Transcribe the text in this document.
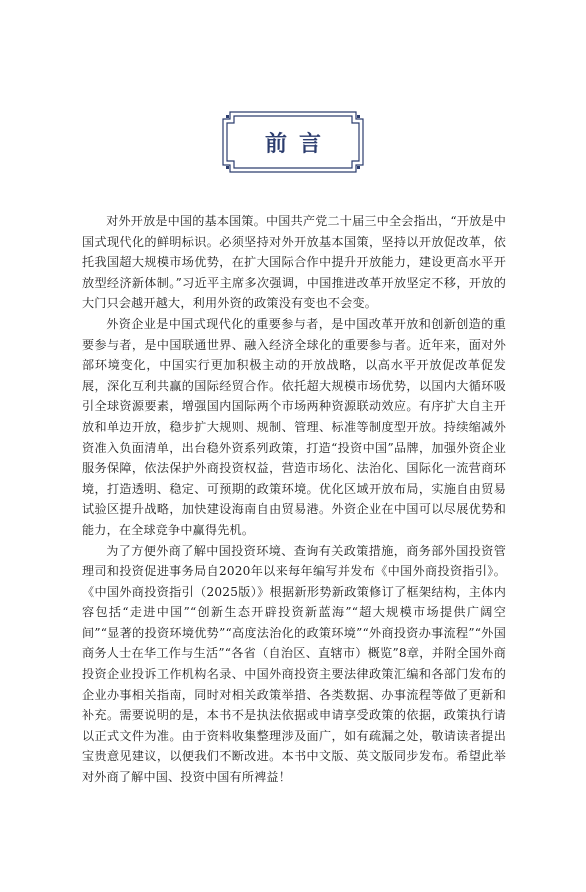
前言

对外开放是中国的基本国策。中国共产党二十届三中全会指出，“开放是中国式现代化的鲜明标识。必须坚持对外开放基本国策，坚持以开放促改革，依托我国超大规模市场优势，在扩大国际合作中提升开放能力，建设更高水平开放型经济新体制。”习近平主席多次强调，中国推进改革开放坚定不移，开放的大门只会越开越大，利用外资的政策没有变也不会变。

外资企业是中国式现代化的重要参与者，是中国改革开放和创新创造的重要参与者，是中国联通世界、融入经济全球化的重要参与者。近年来，面对外部环境变化，中国实行更加积极主动的开放战略，以高水平开放促改革促发展，深化互利共赢的国际经贸合作。依托超大规模市场优势，以国内大循环吸引全球资源要素，增强国内国际两个市场两种资源联动效应。有序扩大自主开放和单边开放，稳步扩大规则、规制、管理、标准等制度型开放。持续缩减外资准入负面清单，出台稳外资系列政策，打造“投资中国”品牌，加强外资企业服务保障，依法保护外商投资权益，营造市场化、法治化、国际化一流营商环境，打造透明、稳定、可预期的政策环境。优化区域开放布局，实施自由贸易试验区提升战略，加快建设海南自由贸易港。外资企业在中国可以尽展优势和能力，在全球竞争中赢得先机。

为了方便外商了解中国投资环境、查询有关政策措施，商务部外国投资管理司和投资促进事务局自2020年以来每年编写并发布《中国外商投资指引》。《中国外商投资指引（2025版）》根据新形势新政策修订了框架结构，主体内容包括“走进中国”“创新生态开辟投资新蓝海”“超大规模市场提供广阔空间”“显著的投资环境优势”“高度法治化的政策环境”“外商投资办事流程”“外国商务人士在华工作与生活”“各省（自治区、直辖市）概览”8章，并附全国外商投资企业投诉工作机构名录、中国外商投资主要法律政策汇编和各部门发布的企业办事相关指南，同时对相关政策举措、各类数据、办事流程等做了更新和补充。需要说明的是，本书不是执法依据或申请享受政策的依据，政策执行请以正式文件为准。由于资料收集整理涉及面广，如有疏漏之处，敬请读者提出宝贵意见建议，以便我们不断改进。本书中文版、英文版同步发布。希望此举对外商了解中国、投资中国有所裨益！
